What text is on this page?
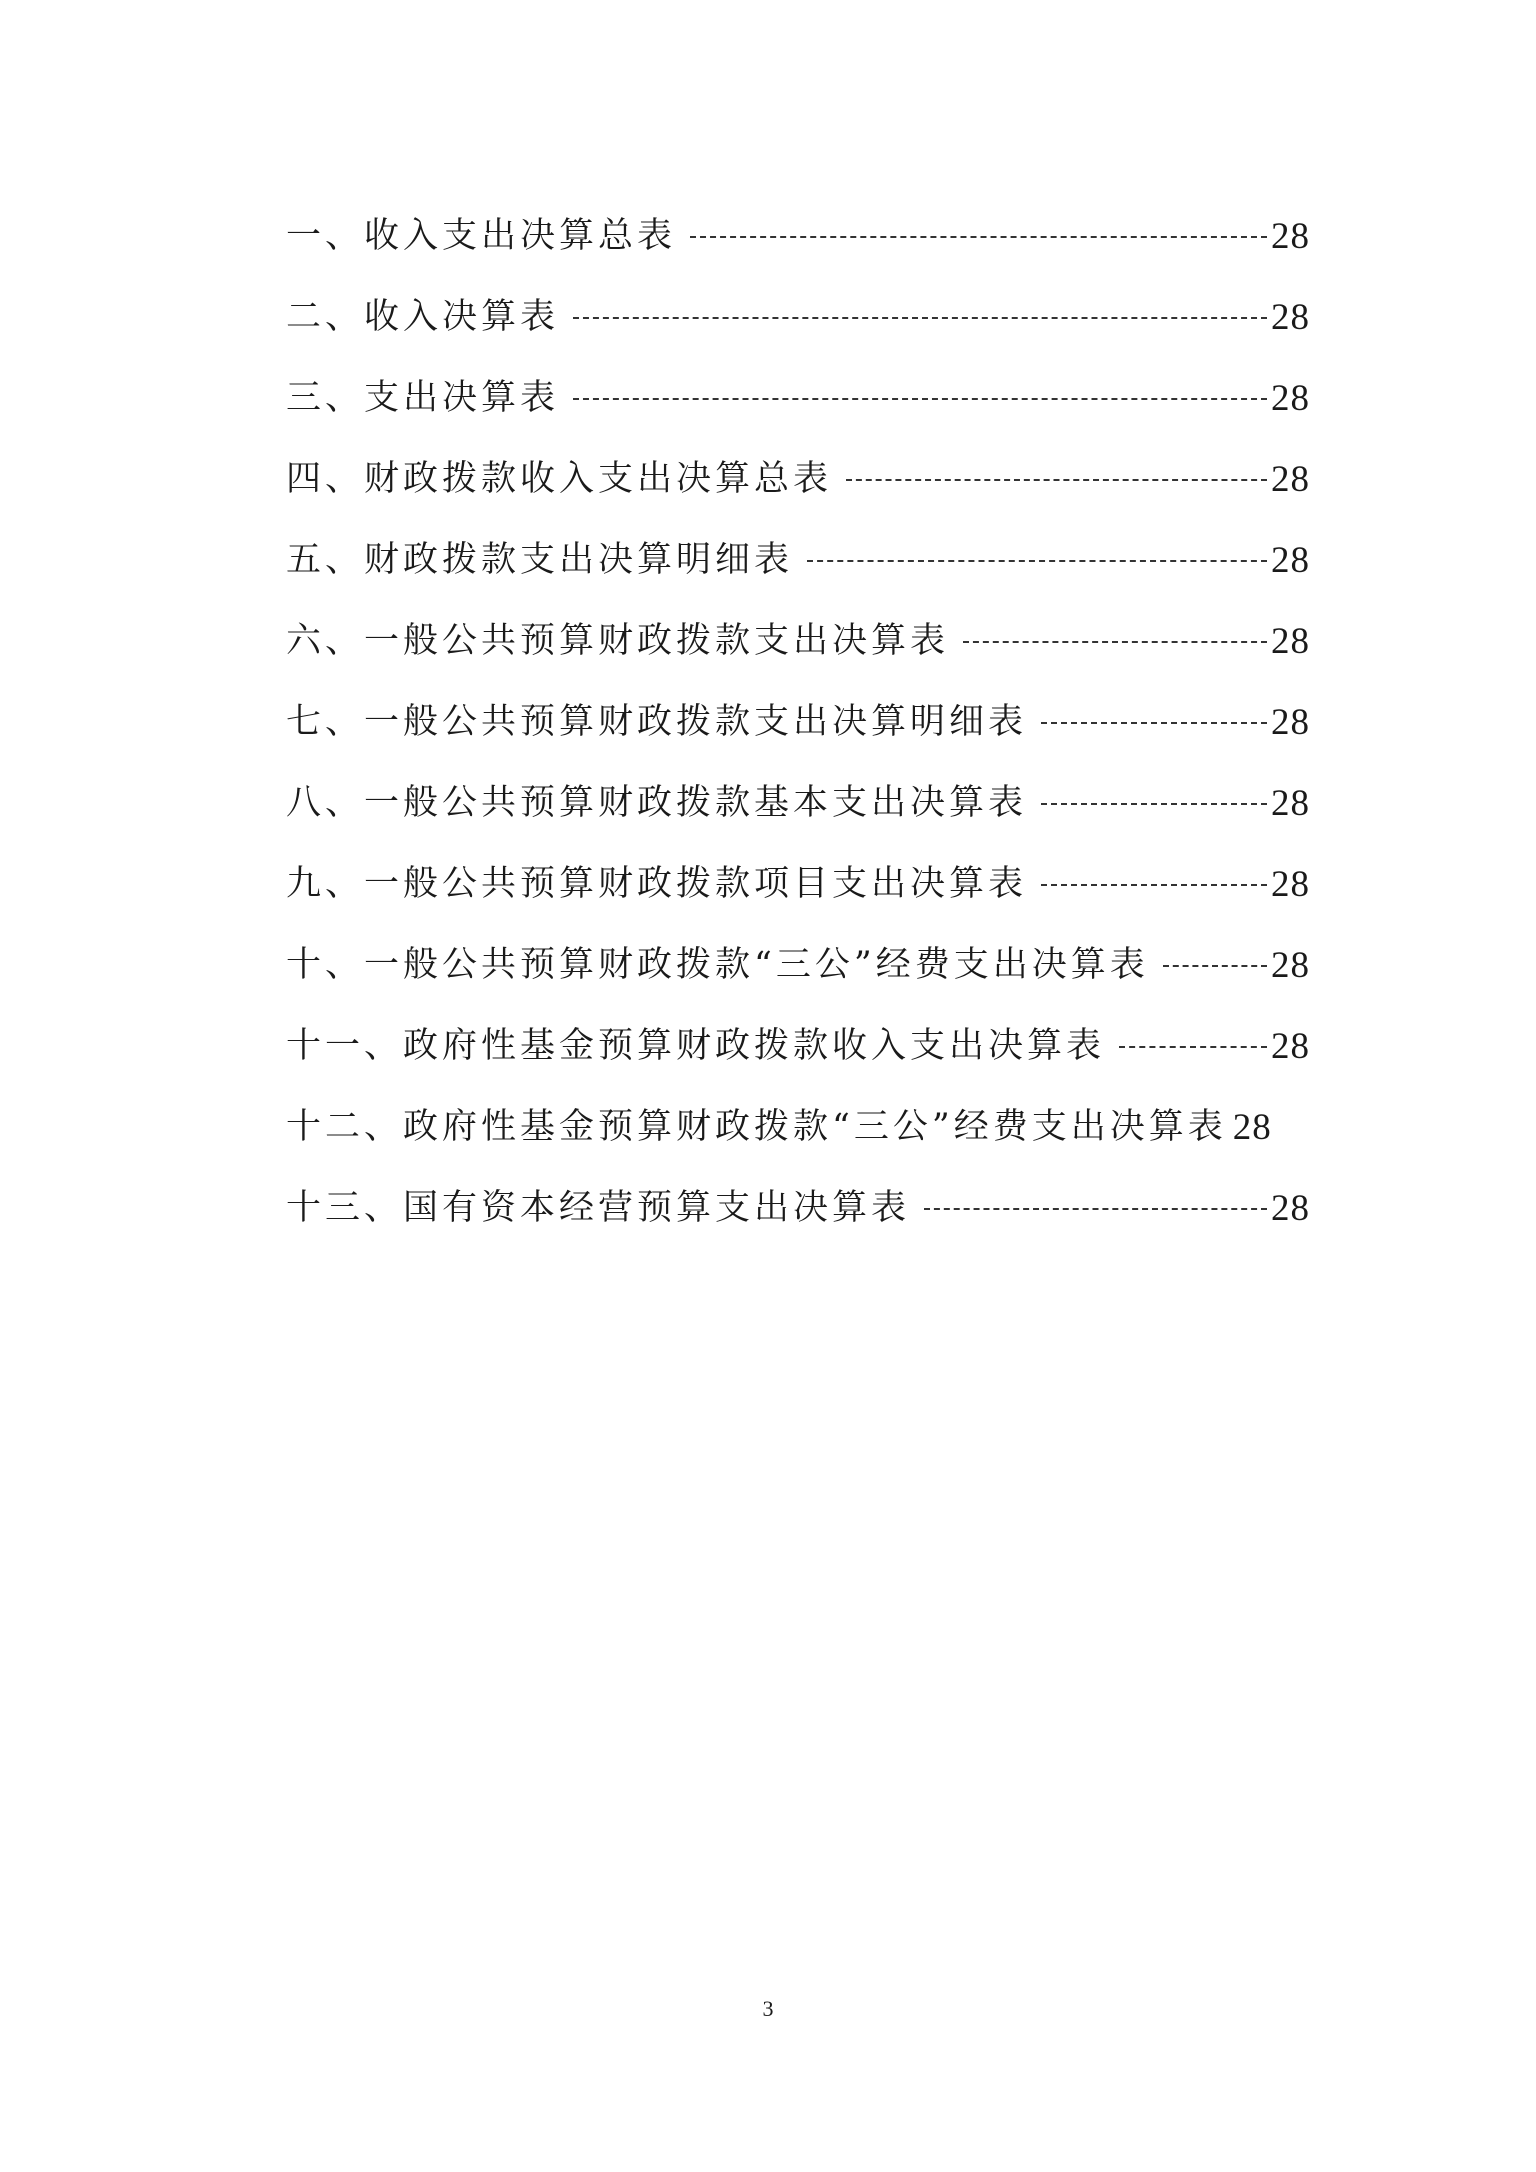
一、收入支出决算总表	28
二、收入决算表	28
三、支出决算表	28
四、财政拨款收入支出决算总表	28
五、财政拨款支出决算明细表	28
六、一般公共预算财政拨款支出决算表	28
七、一般公共预算财政拨款支出决算明细表	28
八、一般公共预算财政拨款基本支出决算表	28
九、一般公共预算财政拨款项目支出决算表	28
十、一般公共预算财政拨款“三公”经费支出决算表	28
十一、政府性基金预算财政拨款收入支出决算表	28
十二、政府性基金预算财政拨款“三公”经费支出决算表 28
十三、国有资本经营预算支出决算表	28
3
